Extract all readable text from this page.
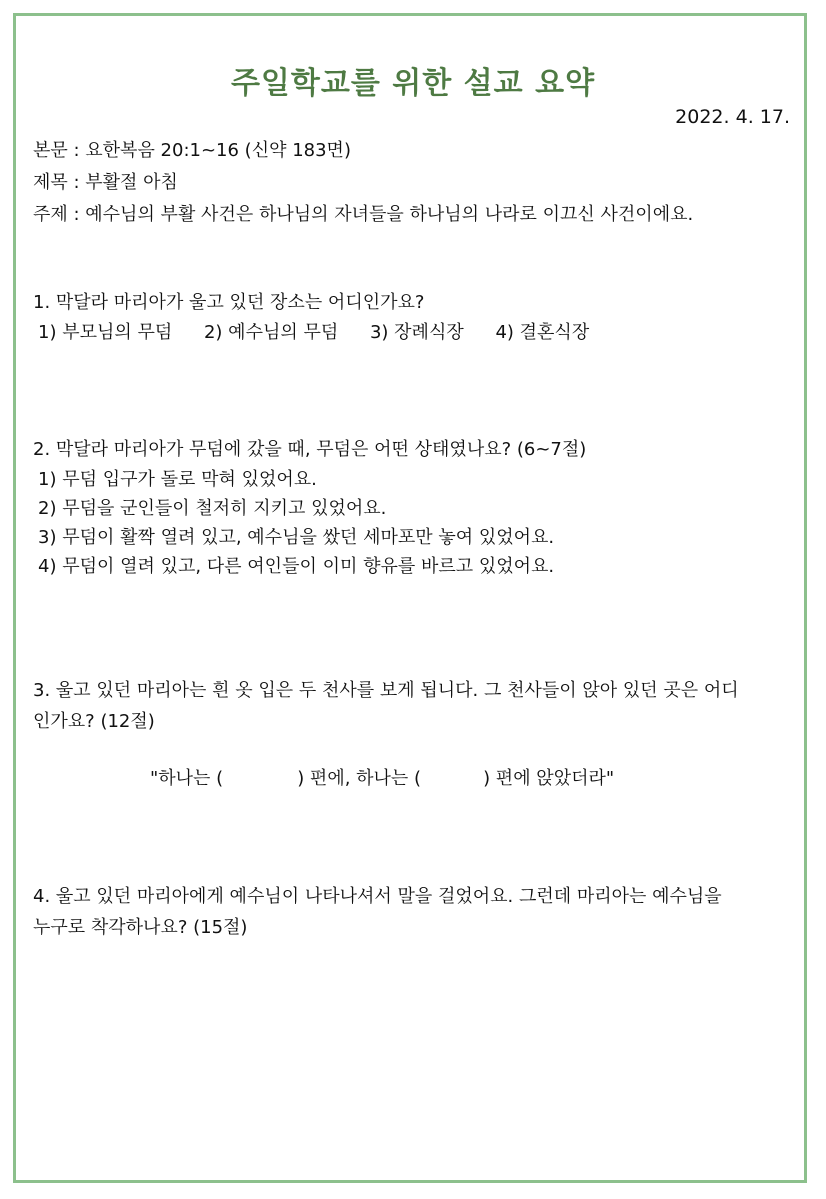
주일학교를 위한 설교 요약
2022. 4. 17.
본문 : 요한복음 20:1~16 (신약 183면)
제목 : 부활절 아침
주제 : 예수님의 부활 사건은 하나님의 자녀들을 하나님의 나라로 이끄신 사건이에요.
1. 막달라 마리아가 울고 있던 장소는 어디인가요?
1) 부모님의 무덤 2) 예수님의 무덤 3) 장례식장 4) 결혼식장
2. 막달라 마리아가 무덤에 갔을 때, 무덤은 어떤 상태였나요? (6~7절)
1) 무덤 입구가 돌로 막혀 있었어요.
2) 무덤을 군인들이 철저히 지키고 있었어요.
3) 무덤이 활짝 열려 있고, 예수님을 쌌던 세마포만 놓여 있었어요.
4) 무덤이 열려 있고, 다른 여인들이 이미 향유를 바르고 있었어요.
3. 울고 있던 마리아는 흰 옷 입은 두 천사를 보게 됩니다. 그 천사들이 앉아 있던 곳은 어디
인가요? (12절)
"하나는 (	) 편에, 하나는 (	) 편에 앉았더라"
4. 울고 있던 마리아에게 예수님이 나타나셔서 말을 걸었어요. 그런데 마리아는 예수님을
누구로 착각하나요? (15절)
